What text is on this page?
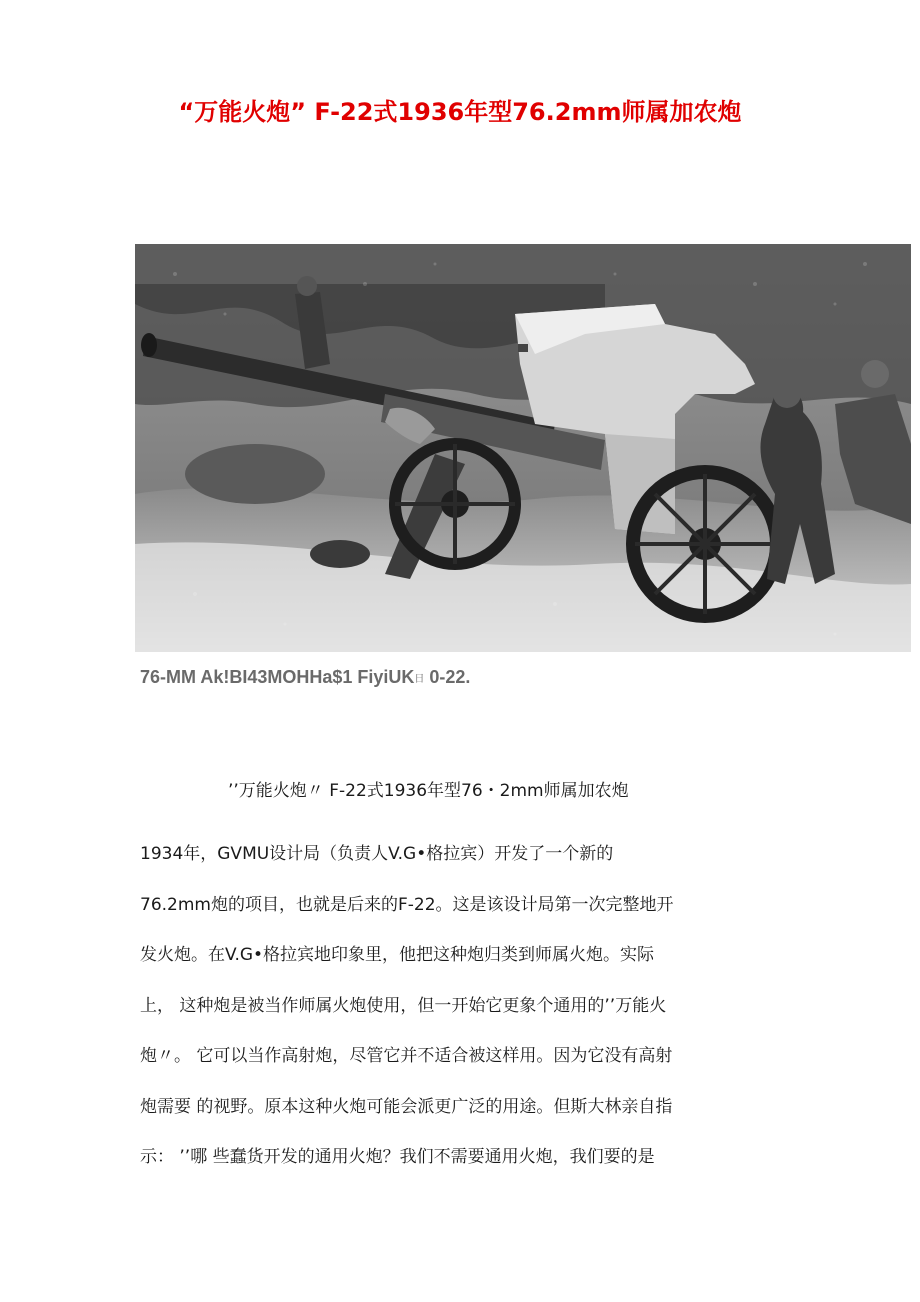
“万能火炮” F-22式1936年型76.2mm师属加农炮
76-MM Ak!BI43MOHHa$1 FiyiUK日 0-22.
’’万能火炮〃 F-22式1936年型76・2mm师属加农炮
1934年，GVMU设计局（负责人V.G•格拉宾）开发了一个新的
76.2mm炮的项目，也就是后来的F-22。这是该设计局第一次完整地开
发火炮。在V.G•格拉宾地印象里，他把这种炮归类到师属火炮。实际
上， 这种炮是被当作师属火炮使用，但一开始它更象个通用的’’万能火
炮〃。 它可以当作高射炮，尽管它并不适合被这样用。因为它没有高射
炮需要 的视野。原本这种火炮可能会派更广泛的用途。但斯大林亲自指
示： ’’哪 些蠢货开发的通用火炮？我们不需要通用火炮，我们要的是
